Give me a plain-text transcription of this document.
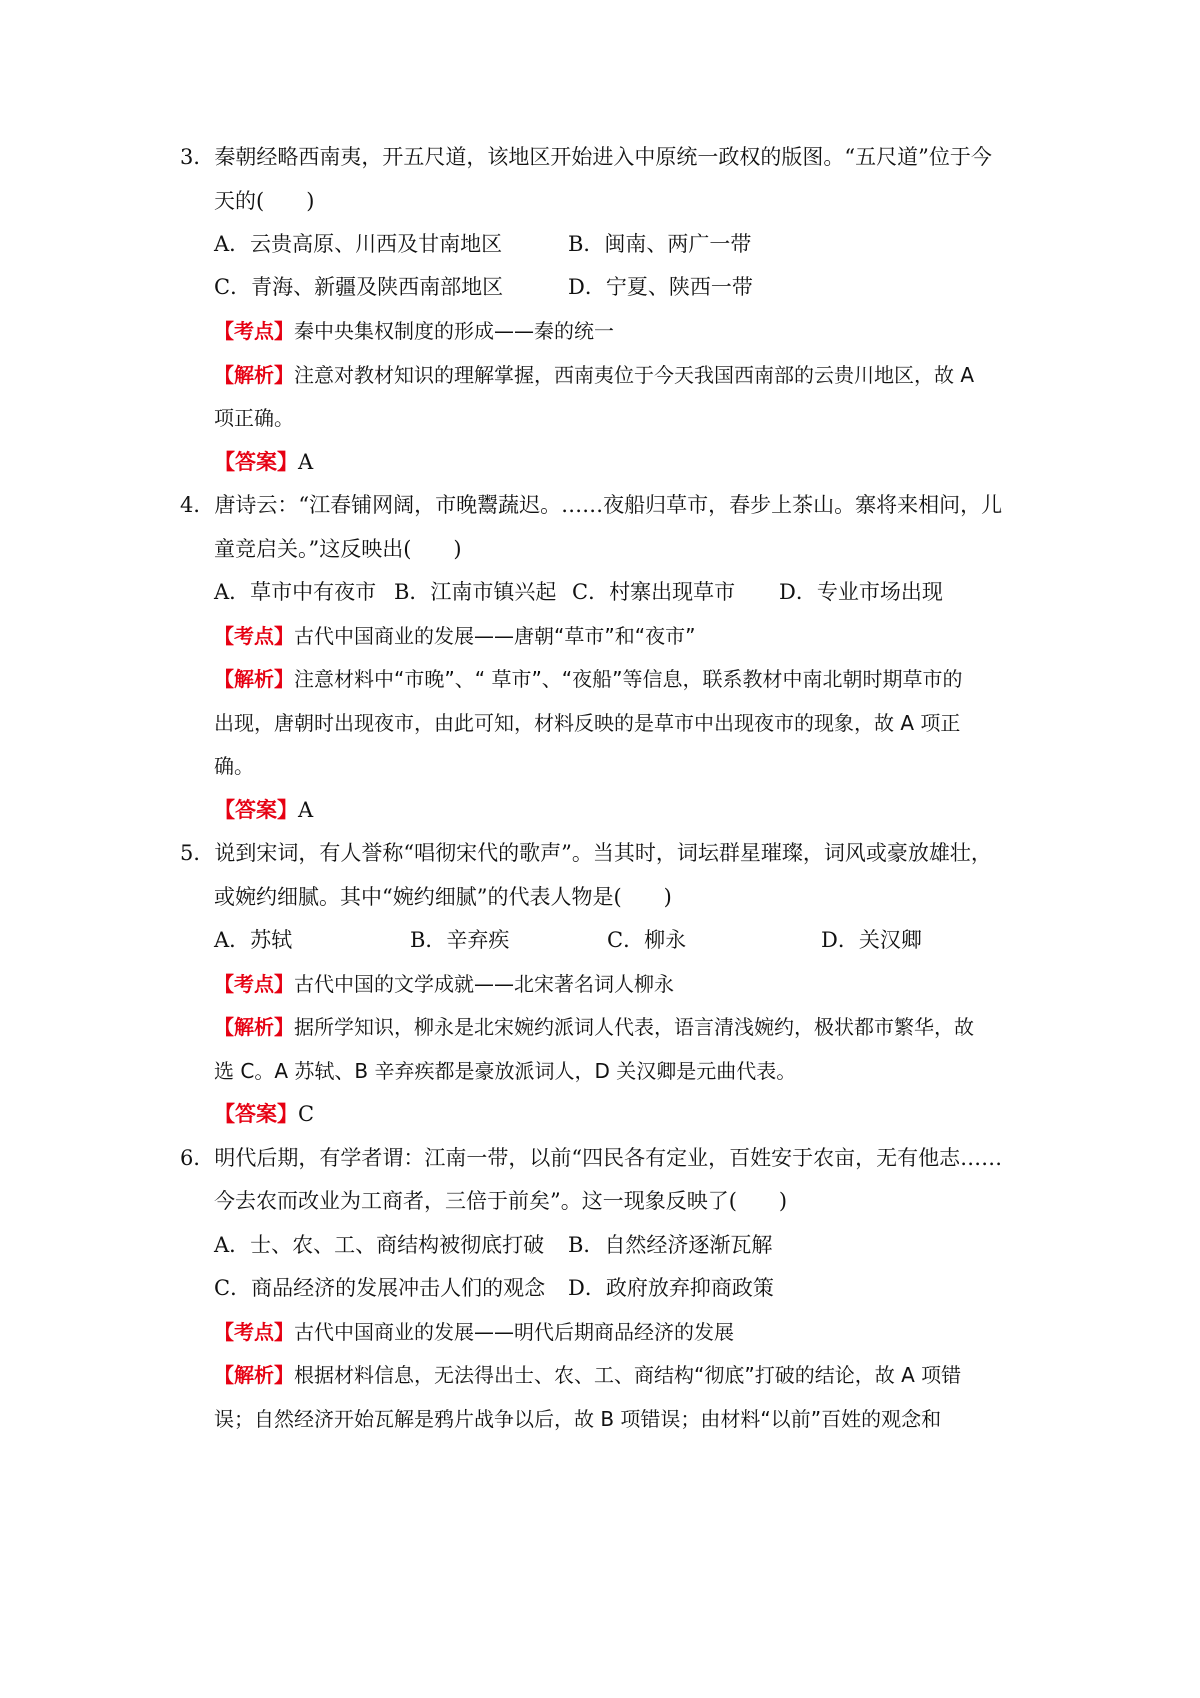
3．秦朝经略西南夷，开五尺道，该地区开始进入中原统一政权的版图。“五尺道”位于今
天的(　　)
A．云贵高原、川西及甘南地区	B．闽南、两广一带
C．青海、新疆及陕西南部地区	D．宁夏、陕西一带
【考点】秦中央集权制度的形成——秦的统一
【解析】注意对教材知识的理解掌握，西南夷位于今天我国西南部的云贵川地区，故 A
项正确。
【答案】A
4．唐诗云：“江春铺网阔，市晚鬻蔬迟。……夜船归草市，春步上茶山。寨将来相问，儿
童竞启关。”这反映出(　　)
A．草市中有夜市 B．江南市镇兴起 C．村寨出现草市 D．专业市场出现
【考点】古代中国商业的发展——唐朝“草市”和“夜市”
【解析】注意材料中“市晚”、“ 草市”、“夜船”等信息，联系教材中南北朝时期草市的
出现，唐朝时出现夜市，由此可知，材料反映的是草市中出现夜市的现象，故 A 项正
确。
【答案】A
5．说到宋词，有人誉称“唱彻宋代的歌声”。当其时，词坛群星璀璨，词风或豪放雄壮，
或婉约细腻。其中“婉约细腻”的代表人物是(　　)
A．苏轼	B．辛弃疾	C．柳永	D．关汉卿
【考点】古代中国的文学成就——北宋著名词人柳永
【解析】据所学知识，柳永是北宋婉约派词人代表，语言清浅婉约，极状都市繁华，故
选 C。A 苏轼、B 辛弃疾都是豪放派词人，D 关汉卿是元曲代表。
【答案】C
6．明代后期，有学者谓：江南一带，以前“四民各有定业，百姓安于农亩，无有他志……
今去农而改业为工商者，三倍于前矣”。这一现象反映了(　　)
A．士、农、工、商结构被彻底打破 B．自然经济逐渐瓦解
C．商品经济的发展冲击人们的观念 D．政府放弃抑商政策
【考点】古代中国商业的发展——明代后期商品经济的发展
【解析】根据材料信息，无法得出士、农、工、商结构“彻底”打破的结论，故 A 项错
误；自然经济开始瓦解是鸦片战争以后，故 B 项错误；由材料“以前”百姓的观念和
